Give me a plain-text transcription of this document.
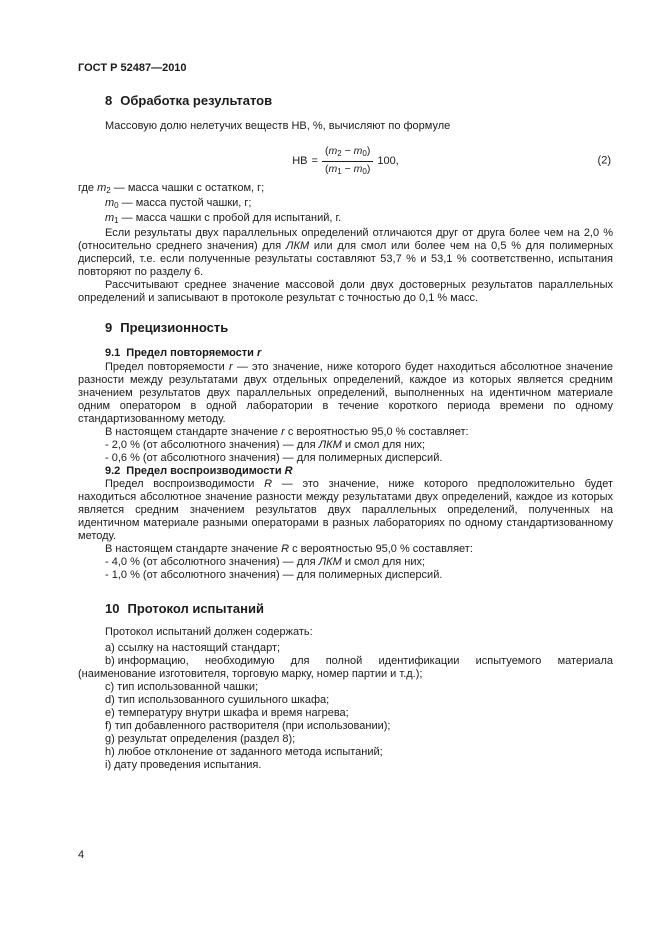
ГОСТ Р 52487—2010
8 Обработка результатов

Массовую долю нелетучих веществ НВ, %, вычисляют по формуле

НВ = $\frac{(m_2 - m_0)}{(m_1 - m_0)} 100$,	(2)

где $m_2$ — масса чашки с остатком, г;

$m_0$ — масса пустой чашки, г;

$m_1$ — масса чашки с пробой для испытаний, г.

Если результаты двух параллельных определений отличаются друг от друга более чем на 2,0 % (относительно среднего значения) для ЛКМ или для смол или более чем на 0,5 % для полимерных дисперсий, т.е. если полученные результаты составляют 53,7 % и 53,1 % соответственно, испытания повторяют по разделу 6.

Рассчитывают среднее значение массовой доли двух достоверных результатов параллельных определений и записывают в протоколе результат с точностью до 0,1 % масс.

9 Прецизионность

9.1 Предел повторяемости r

Предел повторяемости r — это значение, ниже которого будет находиться абсолютное значение разности между результатами двух отдельных определений, каждое из которых является средним значением результатов двух параллельных определений, выполненных на идентичном материале одним оператором в одной лаборатории в течение короткого периода времени по одному стандартизованному методу.

В настоящем стандарте значение r с вероятностью 95,0 % составляет:

- 2,0 % (от абсолютного значения) — для ЛКМ и смол для них;

- 0,6 % (от абсолютного значения) — для полимерных дисперсий.

9.2 Предел воспроизводимости R

Предел воспроизводимости R — это значение, ниже которого предположительно будет находиться абсолютное значение разности между результатами двух определений, каждое из которых является средним значением результатов двух параллельных определений, полученных на идентичном материале разными операторами в разных лабораториях по одному стандартизованному методу.

В настоящем стандарте значение R с вероятностью 95,0 % составляет:

- 4,0 % (от абсолютного значения) — для ЛКМ и смол для них;

- 1,0 % (от абсолютного значения) — для полимерных дисперсий.

10 Протокол испытаний

Протокол испытаний должен содержать:

a) ссылку на настоящий стандарт;

b) информацию, необходимую для полной идентификации испытуемого материала (наименование изготовителя, торговую марку, номер партии и т.д.);

c) тип использованной чашки;

d) тип использованного сушильного шкафа;

e) температуру внутри шкафа и время нагрева;

f) тип добавленного растворителя (при использовании);

g) результат определения (раздел 8);

h) любое отклонение от заданного метода испытаний;

i) дату проведения испытания.

4
